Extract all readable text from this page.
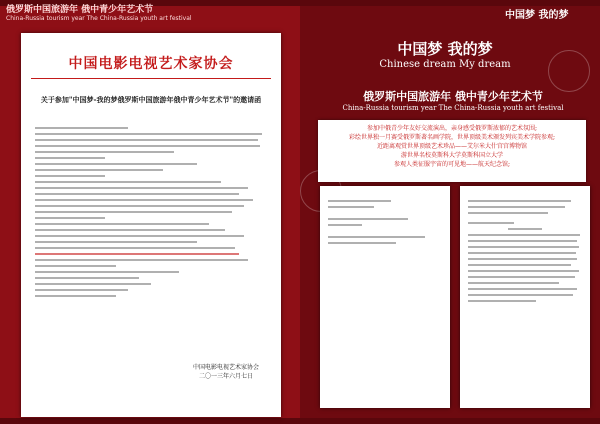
俄罗斯中国旅游年 俄中青少年艺术节
China-Russia tourism year The China-Russia youth art festival	中国梦 我的梦
中国电影电视艺术家协会
关于参加"中国梦-我的梦俄罗斯中国旅游年俄中青少年艺术节"的邀请函
中国电影电视艺术家协会
二〇一三年六月七日
中国梦 我的梦
Chinese dream My dream
俄罗斯中国旅游年 俄中青少年艺术节
China-Russia tourism year The China-Russia youth art festival
参加中俄青少年友好交流演出，亲身感受俄罗斯浓郁的艺术氛围;
彩绘世界独一月赛受俄罗斯著名画学院，世界顶级美术颁发列宾美术学院参观;
近距离观赏世界顶级艺术珍品——艾尔米大什宫宫博物馆
游世界名校莫斯科大学莫斯科国立大学
参观人类征服宇宙的可见地——航天纪念馆;
